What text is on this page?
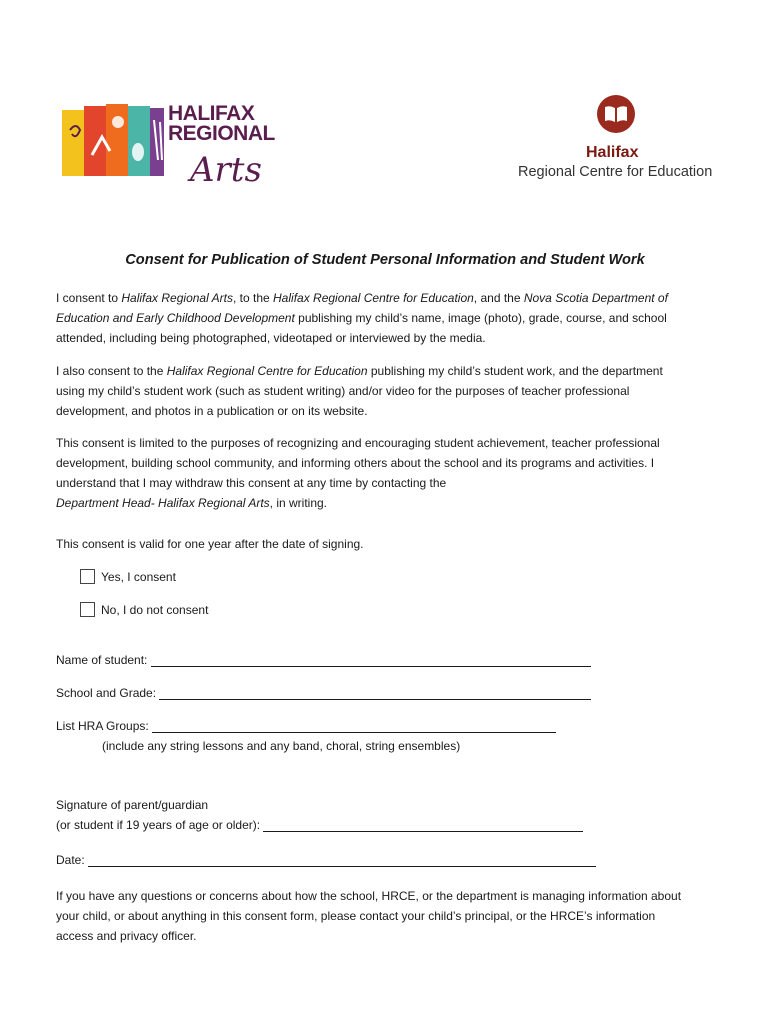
HALIFAX
REGIONAL
Arts	Halifax
Regional Centre for Education
Consent for Publication of Student Personal Information and Student Work
I consent to Halifax Regional Arts, to the Halifax Regional Centre for Education, and the Nova Scotia Department of
Education and Early Childhood Development publishing my child’s name, image (photo), grade, course, and school
attended, including being photographed, videotaped or interviewed by the media.
I also consent to the Halifax Regional Centre for Education publishing my child’s student work, and the department
using my child’s student work (such as student writing) and/or video for the purposes of teacher professional
development, and photos in a publication or on its website.
This consent is limited to the purposes of recognizing and encouraging student achievement, teacher professional
development, building school community, and informing others about the school and its programs and activities. I
understand that I may withdraw this consent at any time by contacting the
Department Head- Halifax Regional Arts, in writing.
This consent is valid for one year after the date of signing.
Yes, I consent
No, I do not consent
Name of student:
School and Grade:
List HRA Groups:
(include any string lessons and any band, choral, string ensembles)
Signature of parent/guardian
(or student if 19 years of age or older):
Date:
If you have any questions or concerns about how the school, HRCE, or the department is managing information about
your child, or about anything in this consent form, please contact your child’s principal, or the HRCE’s information
access and privacy officer.
